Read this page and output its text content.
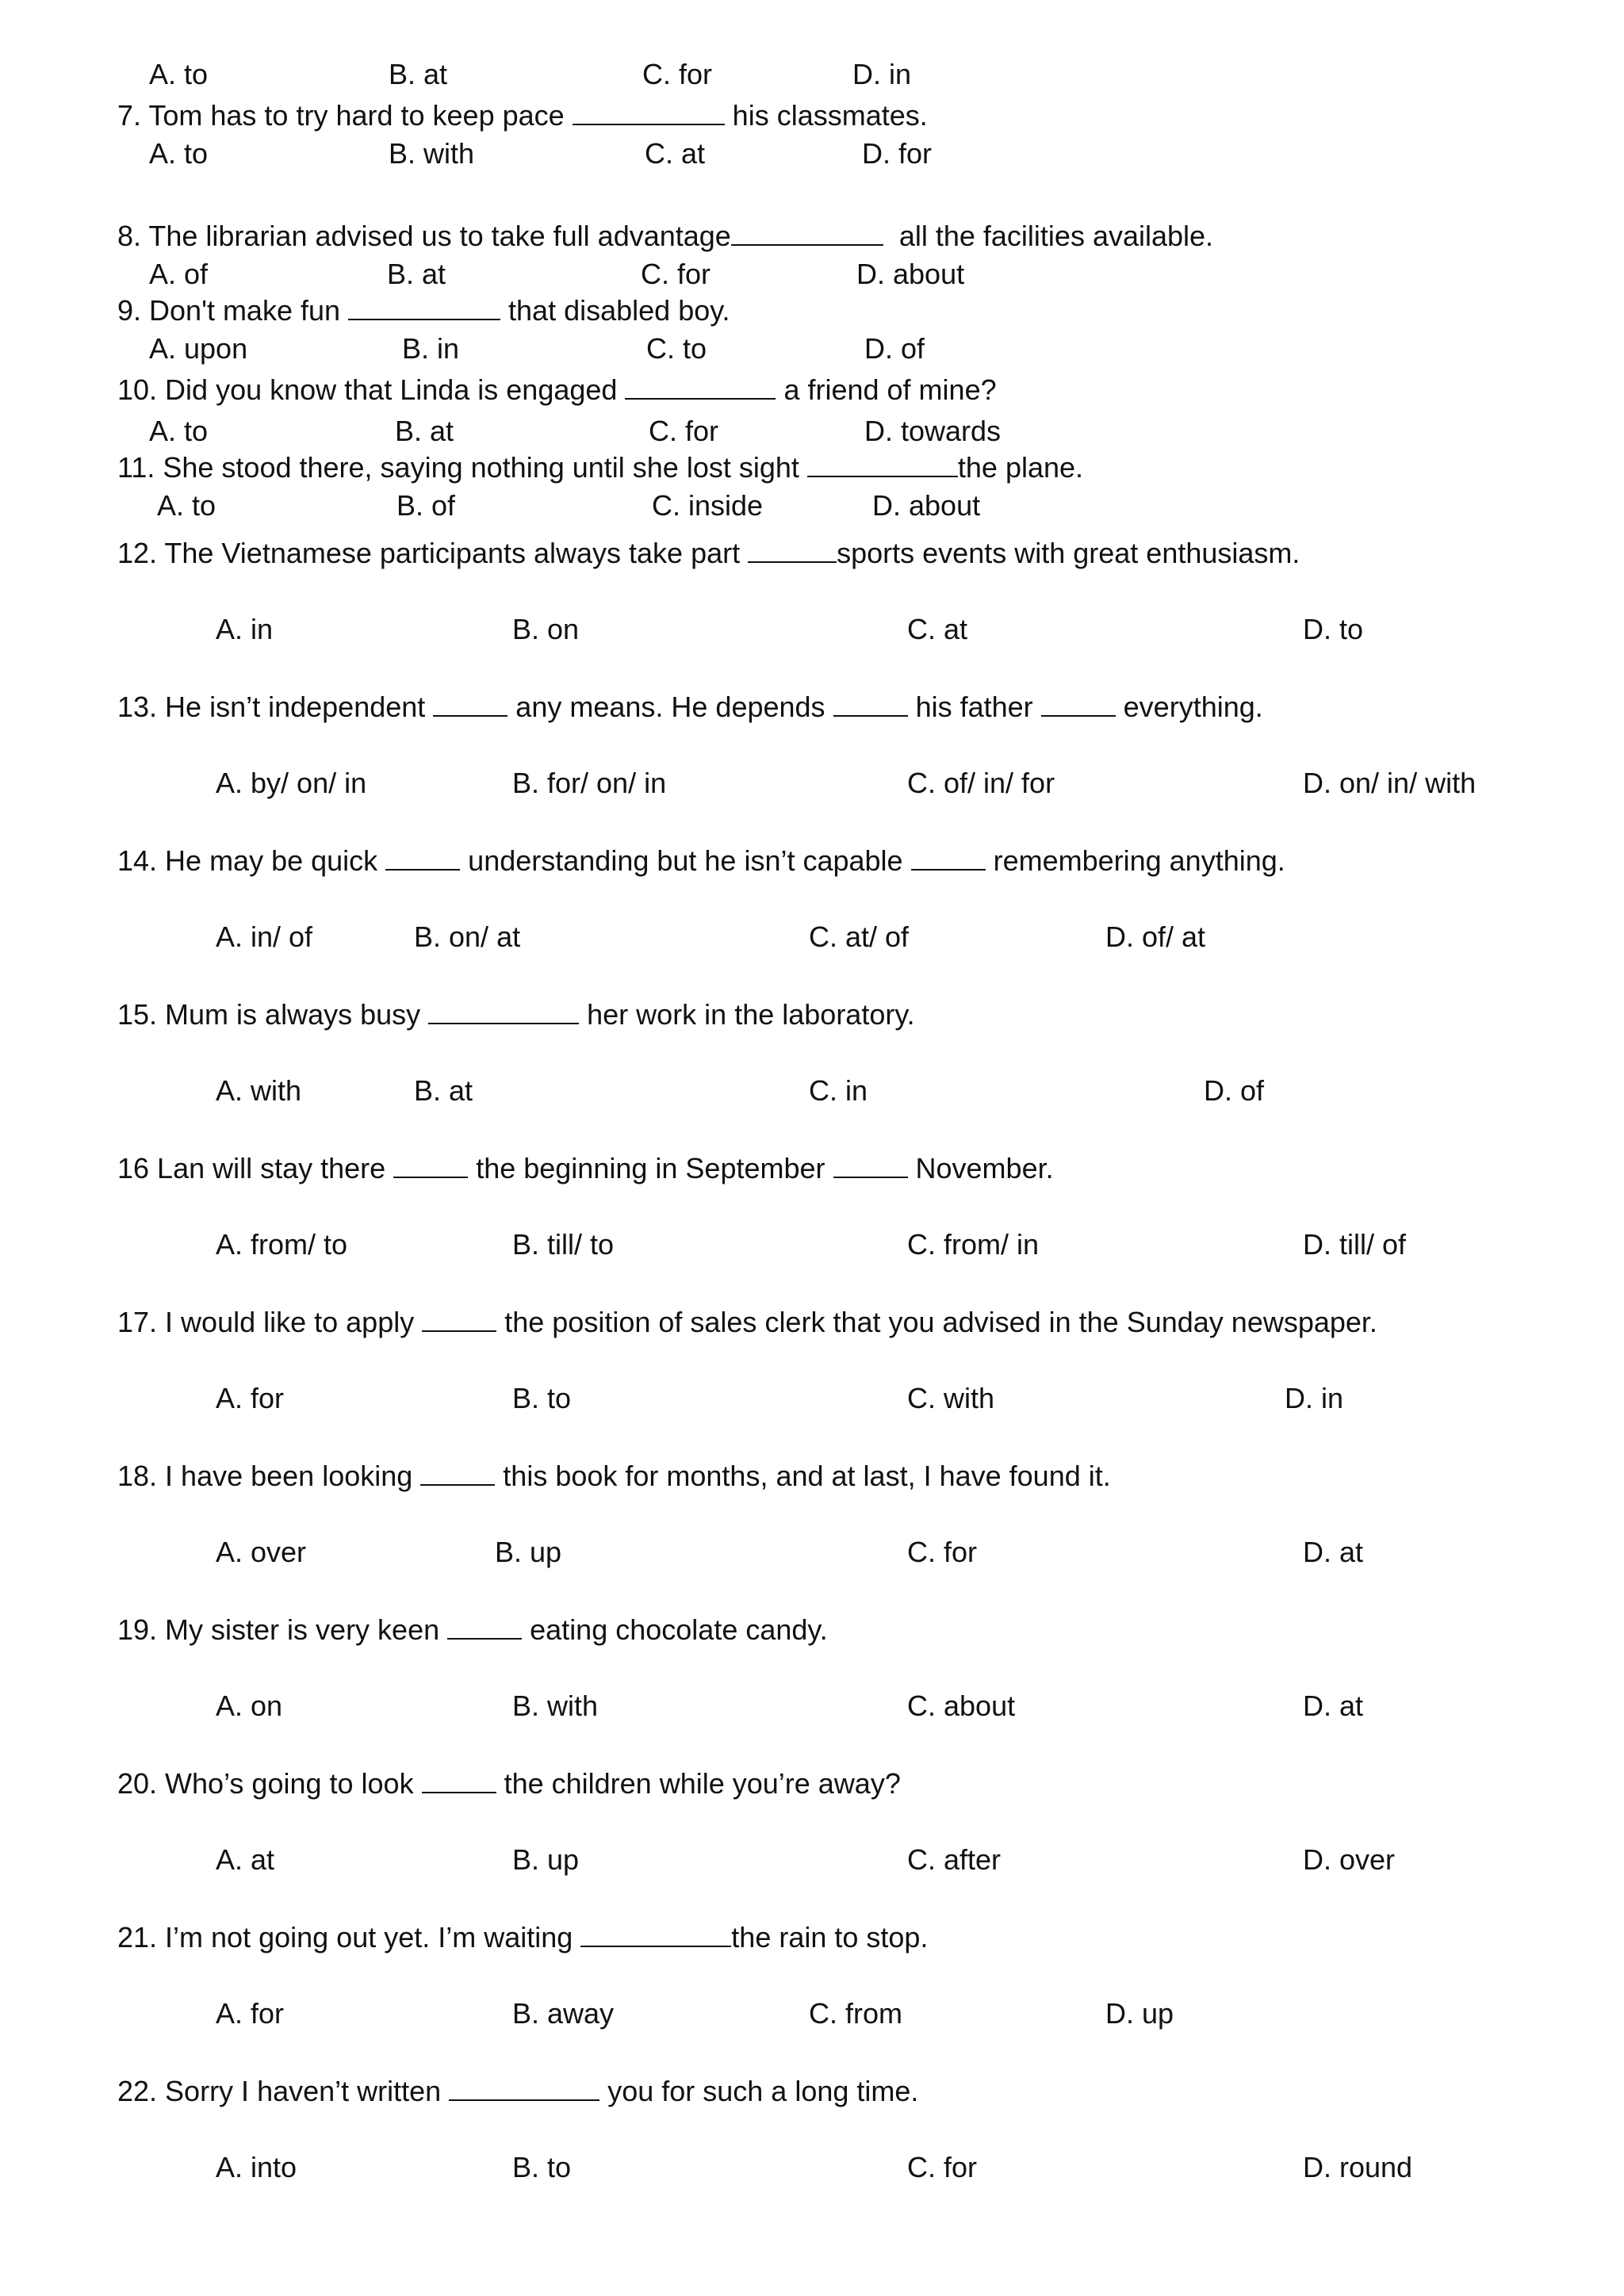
A. to	B. at	C. for	D. in
7. Tom has to try hard to keep pace	his classmates.
A. to	B. with	C. at	D. for
8. The librarian advised us to take full advantage	all the facilities available.
A. of	B. at	C. for	D. about
9. Don't make fun	that disabled boy.
A. upon	B. in	C. to	D. of
10. Did you know that Linda is engaged	a friend of mine?
A. to	B. at	C. for	D. towards
11. She stood there, saying nothing until she lost sight	the plane.
A. to	B. of	C. inside	D. about
12. The Vietnamese participants always take part	sports events with great enthusiasm.
A. in	B. on	C. at	D. to
13. He isn’t independent	any means. He depends	his father	everything.
A. by/ on/ in	B. for/ on/ in	C. of/ in/ for	D. on/ in/ with
14. He may be quick	understanding but he isn’t capable	remembering anything.
A. in/ of	B. on/ at	C. at/ of	D. of/ at
15. Mum is always busy	her work in the laboratory.
A. with	B. at	C. in	D. of
16 Lan will stay there	the beginning in September	November.
A. from/ to	B. till/ to	C. from/ in	D. till/ of
17. I would like to apply	the position of sales clerk that you advised in the Sunday newspaper.
A. for	B. to	C. with	D. in
18. I have been looking	this book for months, and at last, I have found it.
A. over	B. up	C. for	D. at
19. My sister is very keen	eating chocolate candy.
A. on	B. with	C. about	D. at
20. Who’s going to look	the children while you’re away?
A. at	B. up	C. after	D. over
21. I’m not going out yet. I’m waiting	the rain to stop.
A. for	B. away	C. from	D. up
22. Sorry I haven’t written	you for such a long time.
A. into	B. to	C. for	D. round
